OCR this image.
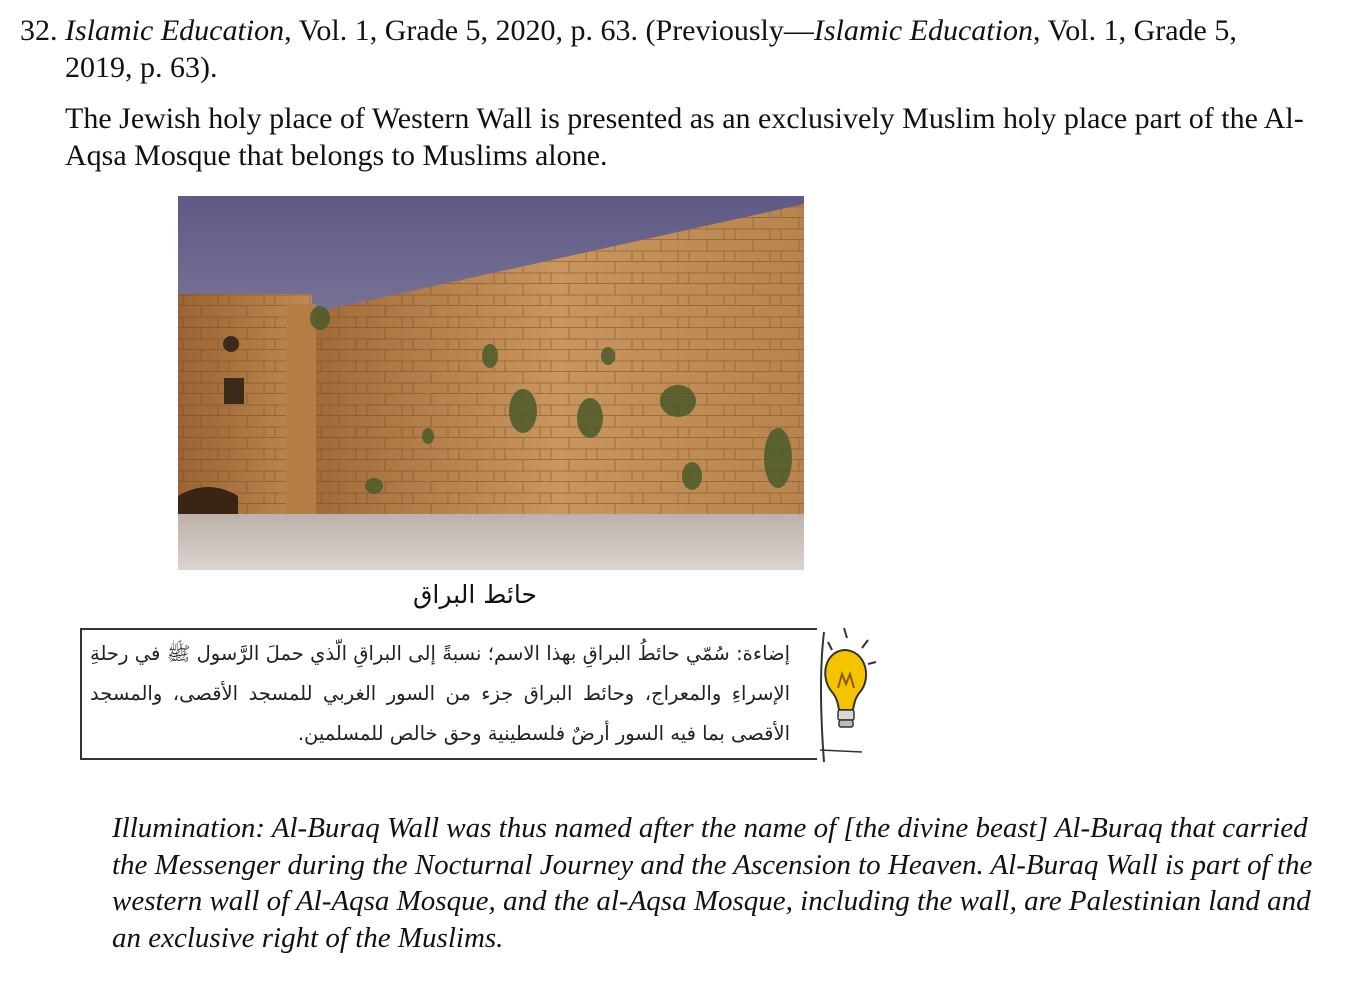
32. Islamic Education, Vol. 1, Grade 5, 2020, p. 63. (Previously—Islamic Education, Vol. 1, Grade 5,
2019, p. 63).
The Jewish holy place of Western Wall is presented as an exclusively Muslim holy place part of the Al-Aqsa Mosque that belongs to Muslims alone.
حائط البراق
إضاءة: سُمّي حائطُ البراقِ بهذا الاسم؛ نسبةً إلى البراقِ الّذي حملَ الرَّسول ﷺ في رحلةِ الإسراءِ والمعراج، وحائط البراق جزء من السور الغربي للمسجد الأقصى، والمسجد الأقصى بما فيه السور أرضٌ فلسطينية وحق خالص للمسلمين.
Illumination: Al-Buraq Wall was thus named after the name of [the divine beast] Al-Buraq that carried the Messenger during the Nocturnal Journey and the Ascension to Heaven. Al-Buraq Wall is part of the western wall of Al-Aqsa Mosque, and the al-Aqsa Mosque, including the wall, are Palestinian land and an exclusive right of the Muslims.
